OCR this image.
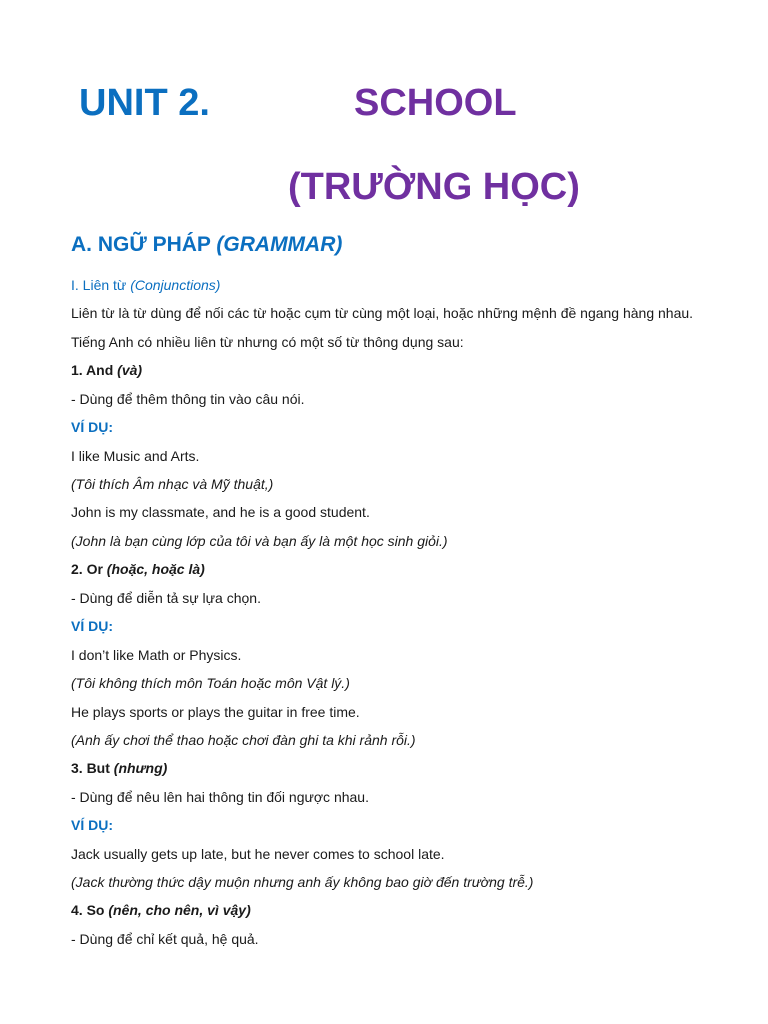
UNIT 2.	SCHOOL
(TRƯỜNG HỌC)
A. NGỮ PHÁP (GRAMMAR)

I. Liên từ (Conjunctions)

Liên từ là từ dùng để nối các từ hoặc cụm từ cùng một loại, hoặc những mệnh đề ngang hàng nhau.

Tiếng Anh có nhiều liên từ nhưng có một số từ thông dụng sau:

1. And (và)

- Dùng để thêm thông tin vào câu nói.

VÍ DỤ:

I like Music and Arts.

(Tôi thích Âm nhạc và Mỹ thuật,)

John is my classmate, and he is a good student.

(John là bạn cùng lớp của tôi và bạn ấy là một học sinh giỏi.)

2. Or (hoặc, hoặc là)

- Dùng để diễn tả sự lựa chọn.

VÍ DỤ:

I don’t like Math or Physics.

(Tôi không thích môn Toán hoặc môn Vật lý.)

He plays sports or plays the guitar in free time.

(Anh ấy chơi thể thao hoặc chơi đàn ghi ta khi rảnh rỗi.)

3. But (nhưng)

- Dùng để nêu lên hai thông tin đối ngược nhau.

VÍ DỤ:

Jack usually gets up late, but he never comes to school late.

(Jack thường thức dậy muộn nhưng anh ấy không bao giờ đến trường trễ.)

4. So (nên, cho nên, vì vậy)

- Dùng để chỉ kết quả, hệ quả.
